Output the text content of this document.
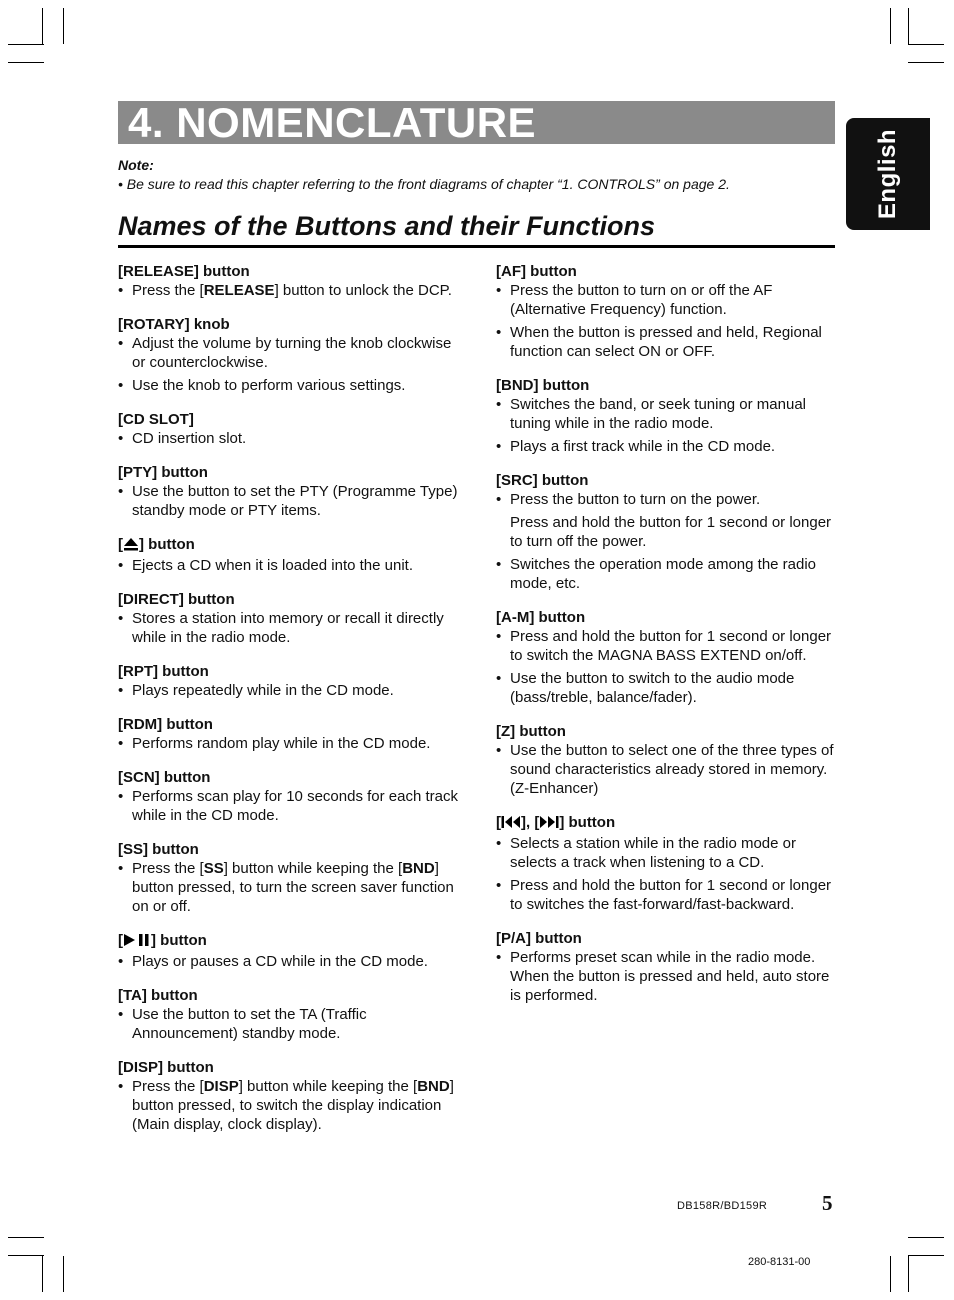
4. NOMENCLATURE
English
Note:
• Be sure to read this chapter referring to the front diagrams of chapter “1. CONTROLS” on page 2.
Names of the Buttons and their Functions
[RELEASE] button
• Press the [RELEASE] button to unlock the DCP.
[ROTARY] knob
• Adjust the volume by turning the knob clockwise or counterclockwise.
• Use the knob to perform various settings.
[CD SLOT]
• CD insertion slot.
[PTY] button
• Use the button to set the PTY (Programme Type) standby mode or PTY items.
[ ] button
• Ejects a CD when it is loaded into the unit.
[DIRECT] button
• Stores a station into memory or recall it directly while in the radio mode.
[RPT] button
• Plays repeatedly while in the CD mode.
[RDM] button
• Performs random play while in the CD mode.
[SCN] button
• Performs scan play for 10 seconds for each track while in the CD mode.
[SS] button
• Press the [SS] button while keeping the [BND] button pressed, to turn the screen saver function on or off.
[ ] button
• Plays or pauses a CD while in the CD mode.
[TA] button
• Use the button to set the TA (Traffic Announcement) standby mode.
[DISP] button
• Press the [DISP] button while keeping the [BND] button pressed, to switch the display indication (Main display, clock display).
[AF] button
• Press the button to turn on or off the AF (Alternative Frequency) function.
• When the button is pressed and held, Regional function can select ON or OFF.
[BND] button
• Switches the band, or seek tuning or manual tuning while in the radio mode.
• Plays a first track while in the CD mode.
[SRC] button
• Press the button to turn on the power.
Press and hold the button for 1 second or longer to turn off the power.
• Switches the operation mode among the radio mode, etc.
[A-M] button
• Press and hold the button for 1 second or longer to switch the MAGNA BASS EXTEND on/off.
• Use the button to switch to the audio mode (bass/treble, balance/fader).
[Z] button
• Use the button to select one of the three types of sound characteristics already stored in memory. (Z-Enhancer)
[ ], [ ] button
• Selects a station while in the radio mode or selects a track when listening to a CD.
• Press and hold the button for 1 second or longer to switches the fast-forward/fast-backward.
[P/A] button
• Performs preset scan while in the radio mode. When the button is pressed and held, auto store is performed.
DB158R/BD159R	5
280-8131-00
